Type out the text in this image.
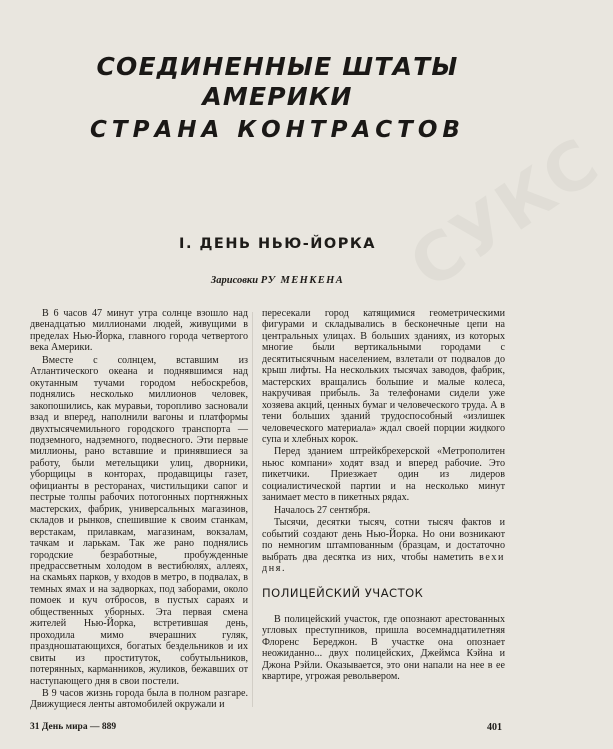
СОЕДИНЕННЫЕ ШТАТЫ АМЕРИКИ
СТРАНА КОНТРАСТОВ
СУКС
I. ДЕНЬ НЬЮ-ЙОРКА
Зарисовки РУ МЕНКЕНА

В 6 часов 47 минут утра солнце взошло над двенадцатью миллионами людей, живущими в пределах Нью-Йорка, главного города четвертого века Америки.

Вместе с солнцем, вставшим из Атлантического океана и поднявшимся над окутанным тучами городом небоскребов, поднялись несколько миллионов человек, закопошились, как муравьи, торопливо засновали взад и вперед, наполнили вагоны и платформы двухтысячемильного городского транспорта — подземного, надземного, подвесного. Эти первые миллионы, рано вставшие и принявшиеся за работу, были метельщики улиц, дворники, уборщицы в конторах, продавщицы газет, официанты в ресторанах, чистильщики сапог и пестрые толпы рабочих потогонных портняжных мастерских, фабрик, универсальных магазинов, складов и рынков, спешившие к своим станкам, верстакам, прилавкам, магазинам, вокзалам, тачкам и ларькам. Так же рано поднялись городские безработные, пробужденные предрассветным холодом в вестибюлях, аллеях, на скамьях парков, у входов в метро, в подвалах, в темных ямах и на задворках, под заборами, около помоек и куч отбросов, в пустых сараях и общественных уборных. Эта первая смена жителей Нью-Йорка, встретившая день, проходила мимо вчерашних гуляк, праздношатающихся, богатых бездельников и их свиты из проституток, собутыльников, потерянных, карманников, жуликов, бежавших от наступающего дня в свои постели.

В 9 часов жизнь города была в полном разгаре. Движущиеся ленты автомобилей окружали и

пересекали город катящимися геометрическими фигурами и складывались в бесконечные цепи на центральных улицах. В больших зданиях, из которых многие были вертикальными городами с десятитысячным населением, взлетали от подвалов до крыш лифты. На нескольких тысячах заводов, фабрик, мастерских вращались большие и малые колеса, накручивая прибыль. За телефонами сидели уже хозяева акций, ценных бумаг и человеческого труда. А в тени больших зданий трудоспособный «излишек человеческого материала» ждал своей порции жидкого супа и хлебных корок.

Перед зданием штрейкбрехерской «Метрополитен ньюс компани» ходят взад и вперед рабочие. Это пикетчики. Приезжает один из лидеров социалистической партии и на несколько минут занимает место в пикетных рядах.

Началось 27 сентября.

Тысячи, десятки тысяч, сотни тысяч фактов и событий создают день Нью-Йорка. Но они возникают по немногим штампованным (бразцам, и достаточно выбрать два десятка из них, чтобы наметить вехи дня.

ПОЛИЦЕЙСКИЙ УЧАСТОК

В полицейский участок, где опознают арестованных угловых преступников, пришла восемнадцатилетняя Флоренс Береджон. В участке она опознает неожиданно... двух полицейских, Джеймса Кэйна и Джона Рэйли. Оказывается, это они напали на нее в ее квартире, угрожая револьвером.

31 День мира — 889	401
